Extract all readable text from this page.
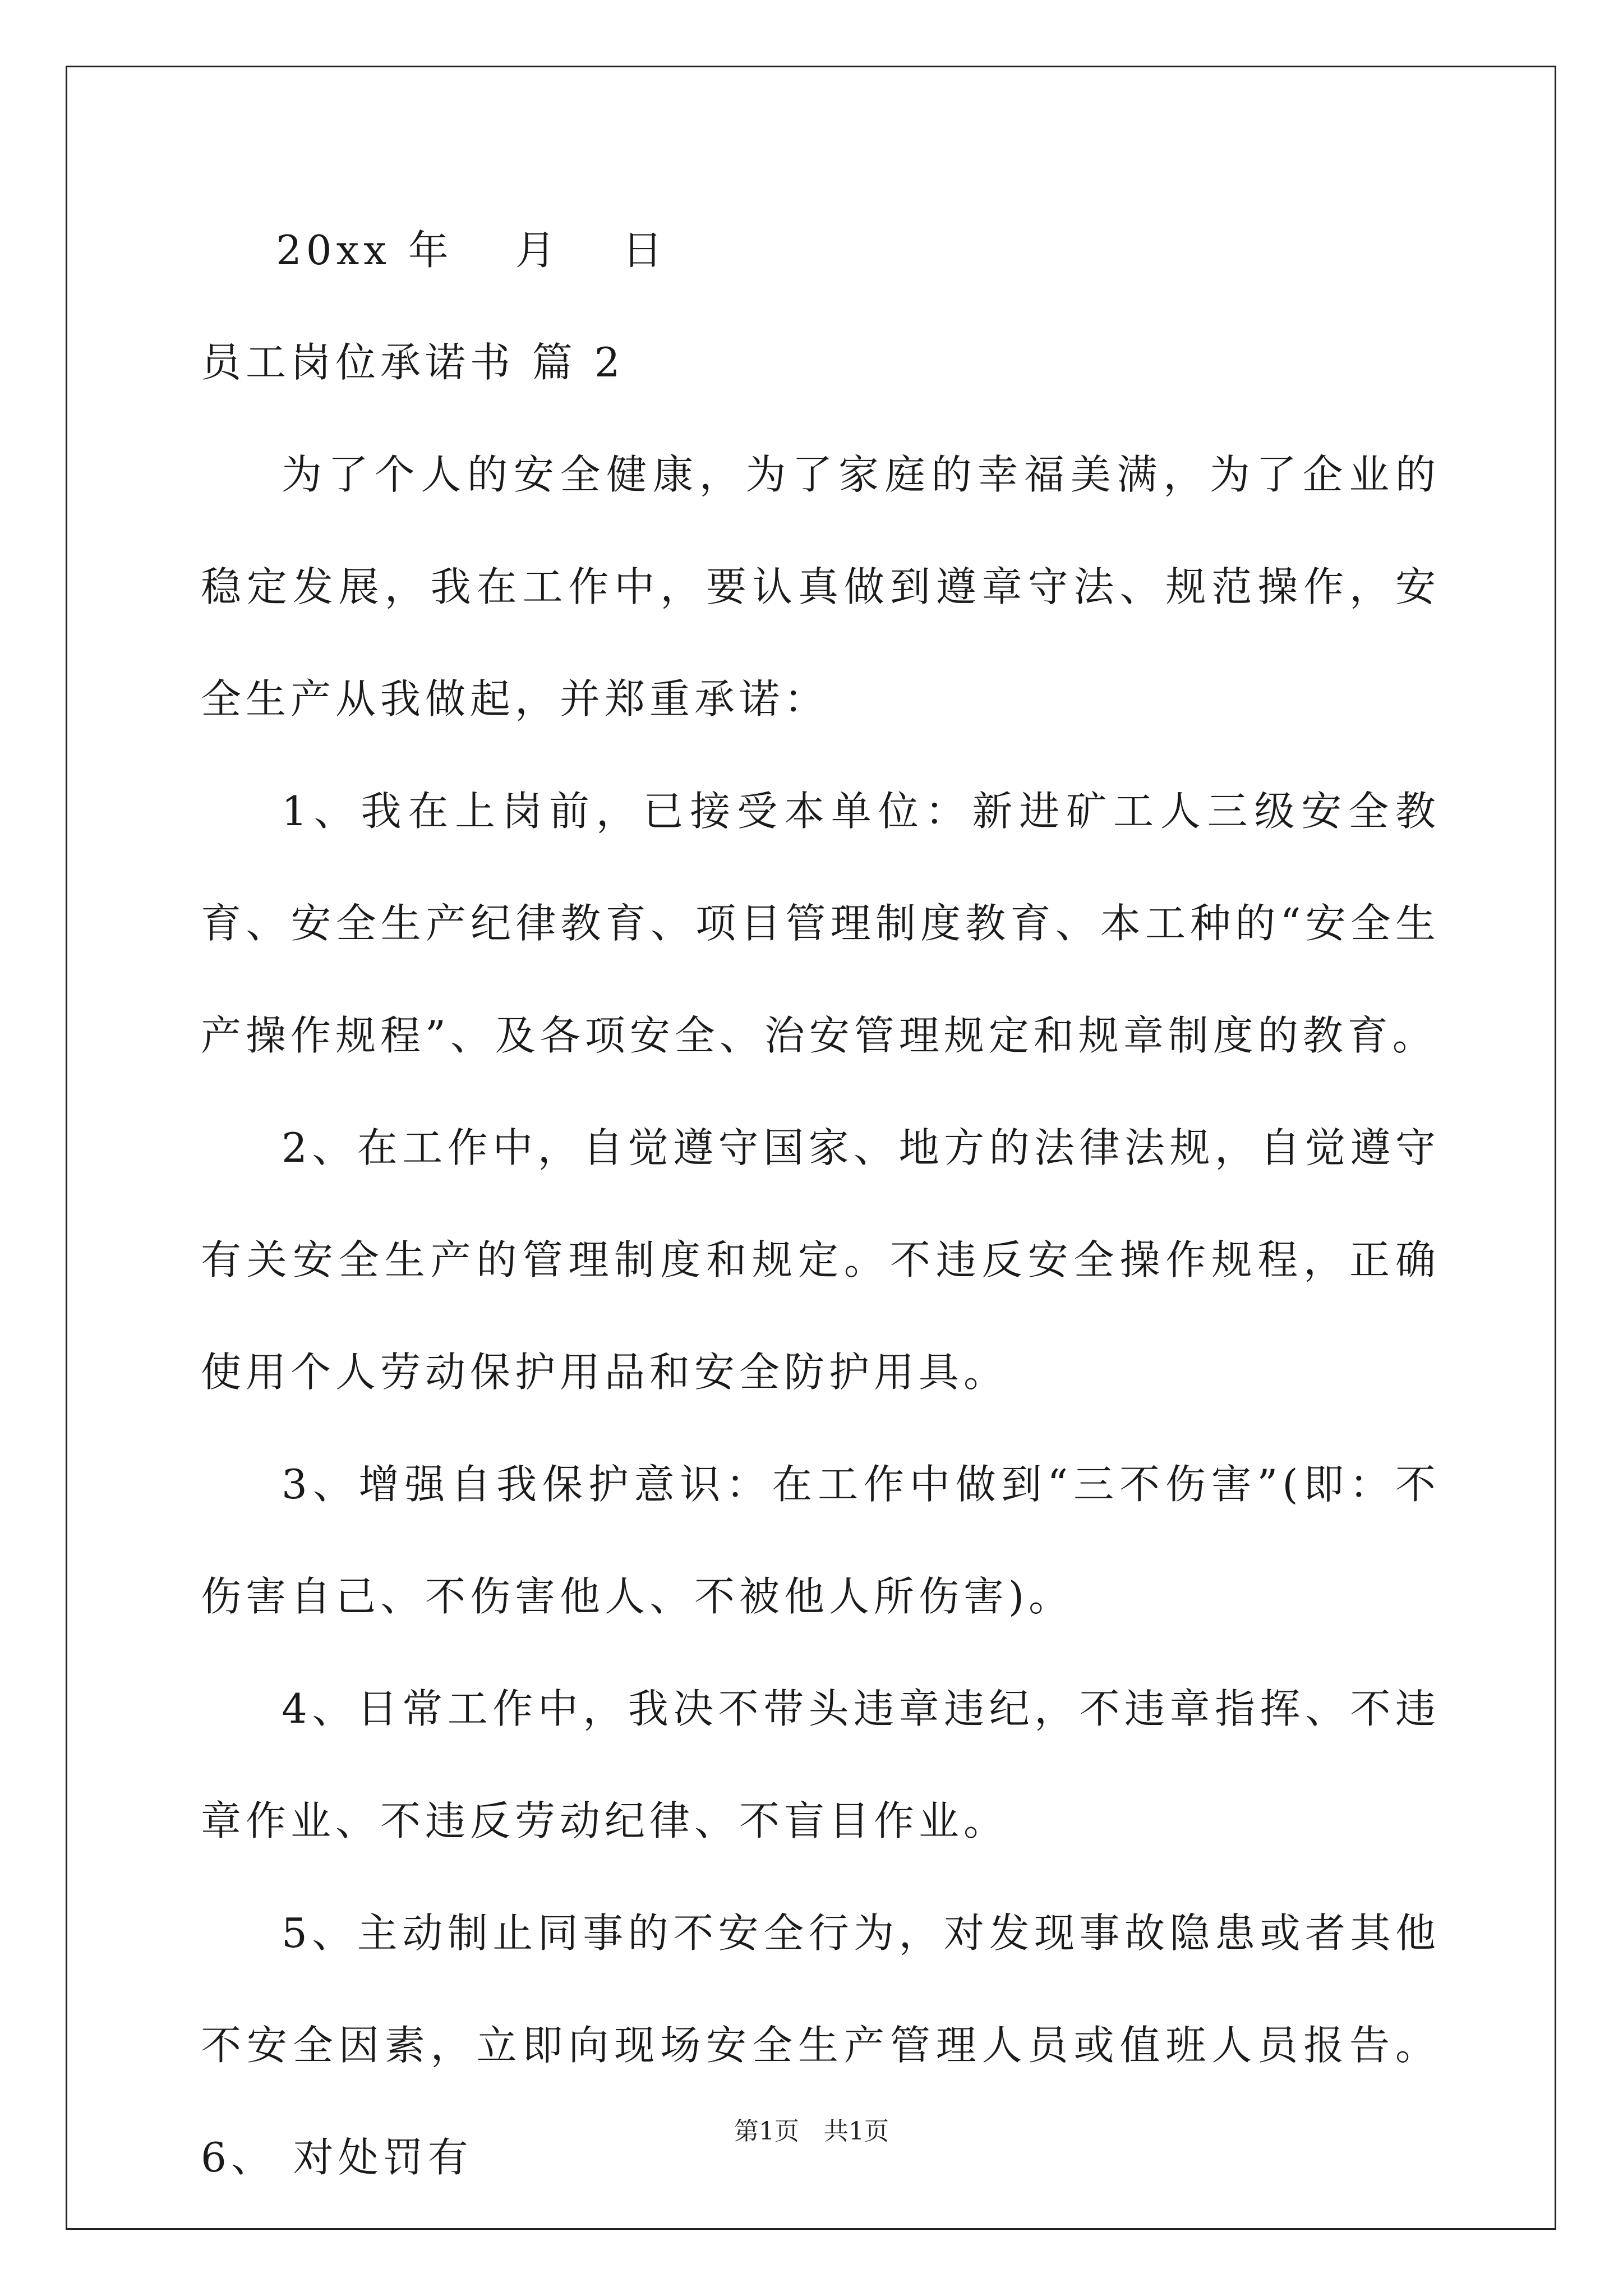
20xx 年　 月　 日
员工岗位承诺书 篇 2

为了个人的安全健康，为了家庭的幸福美满，为了企业的稳定发展，我在工作中，要认真做到遵章守法、规范操作，安全生产从我做起，并郑重承诺：

1、我在上岗前，已接受本单位：新进矿工人三级安全教育、安全生产纪律教育、项目管理制度教育、本工种的“安全生产操作规程”、及各项安全、治安管理规定和规章制度的教育。

2、在工作中，自觉遵守国家、地方的法律法规，自觉遵守有关安全生产的管理制度和规定。不违反安全操作规程，正确使用个人劳动保护用品和安全防护用具。

3、增强自我保护意识：在工作中做到“三不伤害”(即：不伤害自己、不伤害他人、不被他人所伤害)。

4、日常工作中，我决不带头违章违纪，不违章指挥、不违章作业、不违反劳动纪律、不盲目作业。

5、主动制止同事的不安全行为，对发现事故隐患或者其他不安全因素，立即向现场安全生产管理人员或值班人员报告。 6、 对处罚有

第1页　共1页
